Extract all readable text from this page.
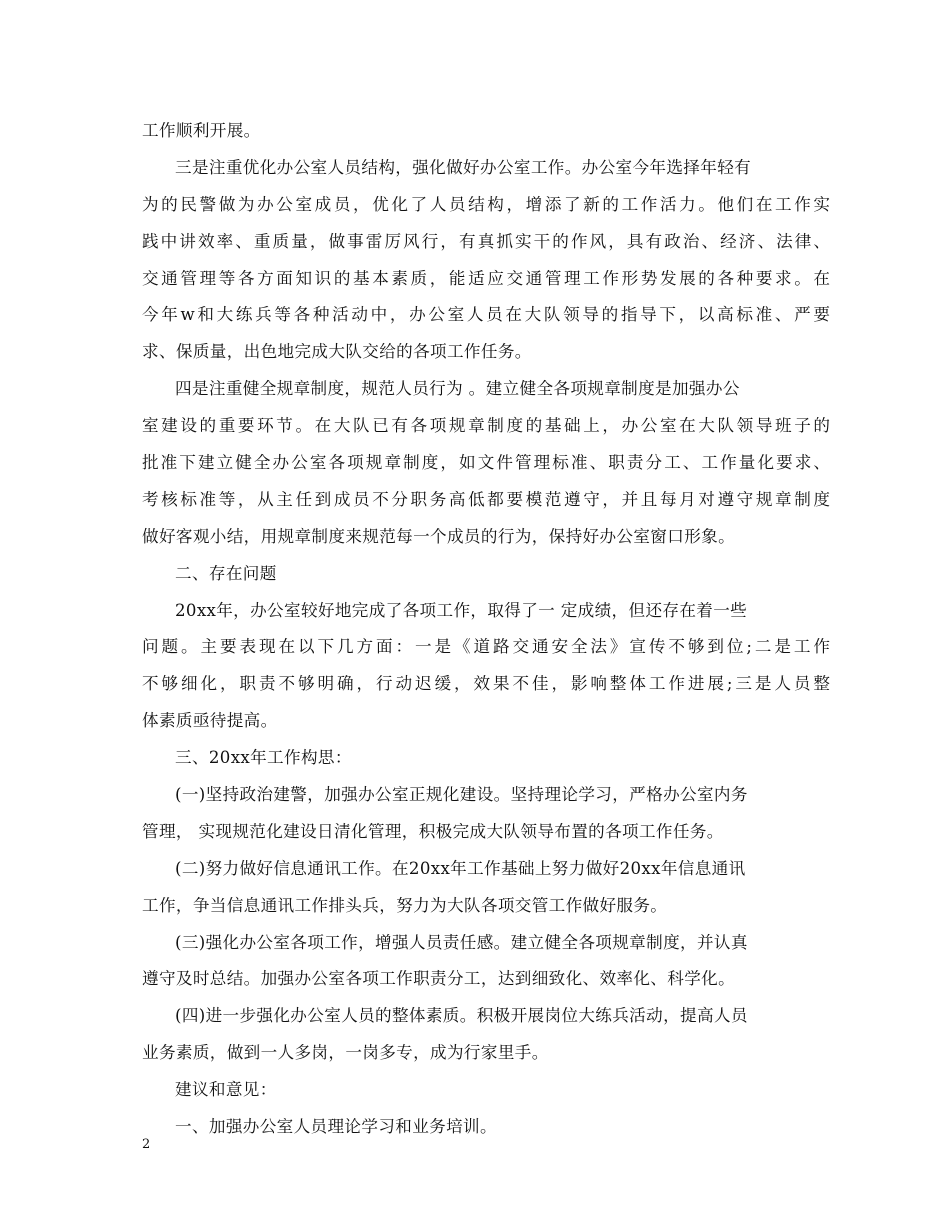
工作顺利开展。
三是注重优化办公室人员结构，强化做好办公室工作。办公室今年选择年轻有
为的民警做为办公室成员，优化了人员结构，增添了新的工作活力。他们在工作实
践中讲效率、重质量，做事雷厉风行，有真抓实干的作风，具有政治、经济、法律、
交通管理等各方面知识的基本素质，能适应交通管理工作形势发展的各种要求。在
今年w和大练兵等各种活动中，办公室人员在大队领导的指导下，以高标准、严要
求、保质量，出色地完成大队交给的各项工作任务。
四是注重健全规章制度，规范人员行为 。建立健全各项规章制度是加强办公
室建设的重要环节。在大队已有各项规章制度的基础上，办公室在大队领导班子的
批准下建立健全办公室各项规章制度，如文件管理标准、职责分工、工作量化要求、
考核标准等，从主任到成员不分职务高低都要模范遵守，并且每月对遵守规章制度
做好客观小结，用规章制度来规范每一个成员的行为，保持好办公室窗口形象。
二、存在问题
20xx年，办公室较好地完成了各项工作，取得了一 定成绩，但还存在着一些
问题。主要表现在以下几方面：一是《道路交通安全法》宣传不够到位;二是工作
不够细化，职责不够明确，行动迟缓，效果不佳，影响整体工作进展;三是人员整
体素质亟待提高。
三、20xx年工作构思：
(一)坚持政治建警，加强办公室正规化建设。坚持理论学习，严格办公室内务
管理， 实现规范化建设日清化管理，积极完成大队领导布置的各项工作任务。
(二)努力做好信息通讯工作。在20xx年工作基础上努力做好20xx年信息通讯
工作，争当信息通讯工作排头兵，努力为大队各项交管工作做好服务。
(三)强化办公室各项工作，增强人员责任感。建立健全各项规章制度，并认真
遵守及时总结。加强办公室各项工作职责分工，达到细致化、效率化、科学化。
(四)进一步强化办公室人员的整体素质。积极开展岗位大练兵活动，提高人员
业务素质，做到一人多岗，一岗多专，成为行家里手。
建议和意见：
一、加强办公室人员理论学习和业务培训。
2
